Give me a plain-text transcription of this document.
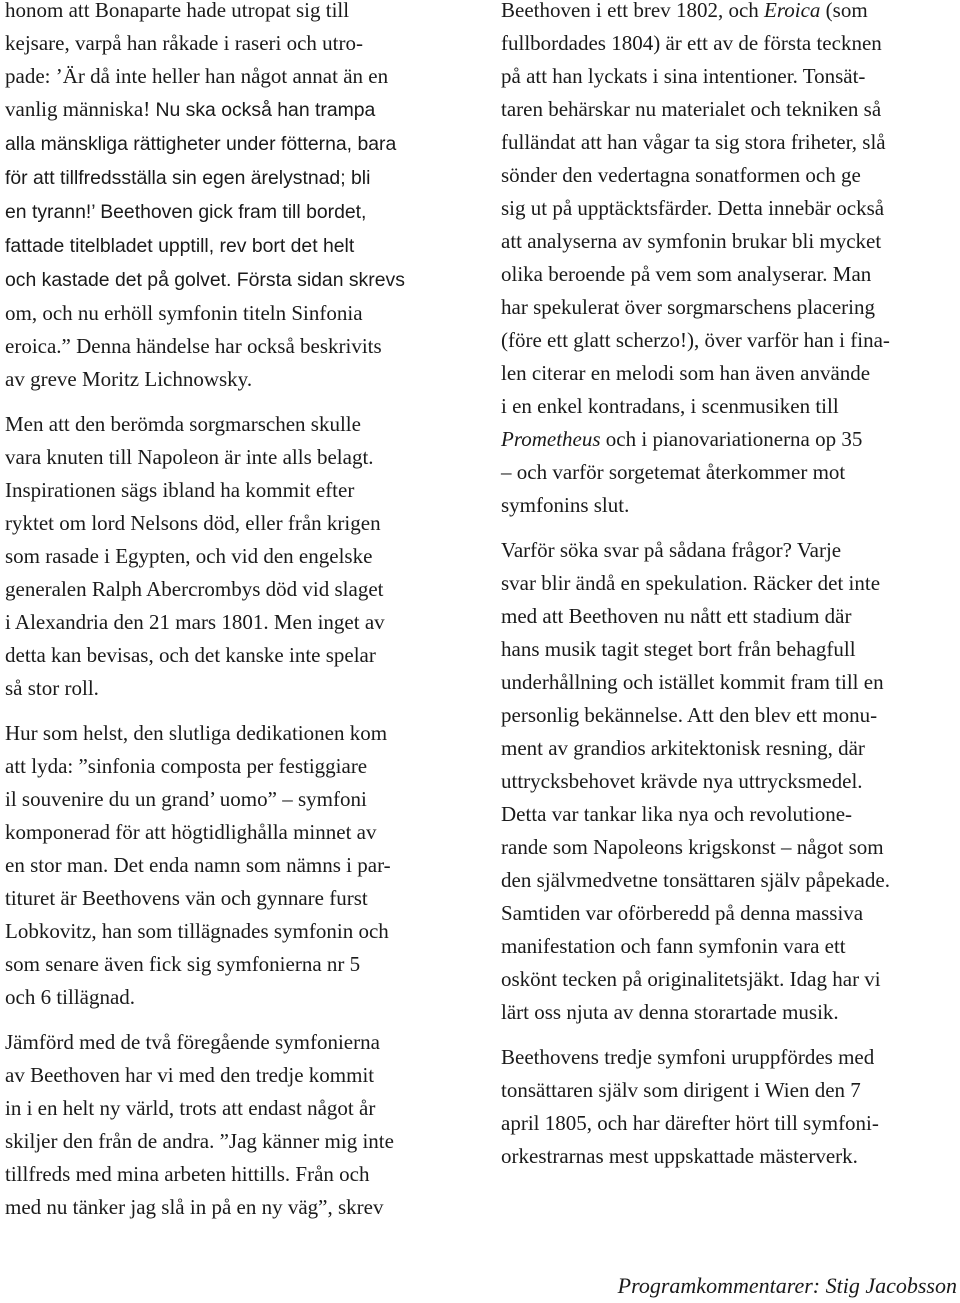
honom att Bonaparte hade utropat sig till
kejsare, varpå han råkade i raseri och utro-
pade: ’Är då inte heller han något annat än en
vanlig människa! Nu ska också han trampa
alla mänskliga rättigheter under fötterna, bara
för att tillfredsställa sin egen ärelystnad; bli
en tyrann!’ Beethoven gick fram till bordet,
fattade titelbladet upptill, rev bort det helt
och kastade det på golvet. Första sidan skrevs
om, och nu erhöll symfonin titeln Sinfonia
eroica.” Denna händelse har också beskrivits
av greve Moritz Lichnowsky.
Men att den berömda sorgmarschen skulle
vara knuten till Napoleon är inte alls belagt.
Inspirationen sägs ibland ha kommit efter
ryktet om lord Nelsons död, eller från krigen
som rasade i Egypten, och vid den engelske
generalen Ralph Abercrombys död vid slaget
i Alexandria den 21 mars 1801. Men inget av
detta kan bevisas, och det kanske inte spelar
så stor roll.
Hur som helst, den slutliga dedikationen kom
att lyda: ”sinfonia composta per festiggiare
il souvenire du un grand’ uomo” – symfoni
komponerad för att högtidlighålla minnet av
en stor man. Det enda namn som nämns i par-
tituret är Beethovens vän och gynnare furst
Lobkovitz, han som tillägnades symfonin och
som senare även fick sig symfonierna nr 5
och 6 tillägnad.
Jämförd med de två föregående symfonierna
av Beethoven har vi med den tredje kommit
in i en helt ny värld, trots att endast något år
skiljer den från de andra. ”Jag känner mig inte
tillfreds med mina arbeten hittills. Från och
med nu tänker jag slå in på en ny väg”, skrev
Beethoven i ett brev 1802, och Eroica (som
fullbordades 1804) är ett av de första tecknen
på att han lyckats i sina intentioner. Tonsät-
taren behärskar nu materialet och tekniken så
fulländat att han vågar ta sig stora friheter, slå
sönder den vedertagna sonatformen och ge
sig ut på upptäcktsfärder. Detta innebär också
att analyserna av symfonin brukar bli mycket
olika beroende på vem som analyserar. Man
har spekulerat över sorgmarschens placering
(före ett glatt scherzo!), över varför han i fina-
len citerar en melodi som han även använde
i en enkel kontradans, i scenmusiken till
Prometheus och i pianovariationerna op 35
– och varför sorgetemat återkommer mot
symfonins slut.
Varför söka svar på sådana frågor? Varje
svar blir ändå en spekulation. Räcker det inte
med att Beethoven nu nått ett stadium där
hans musik tagit steget bort från behagfull
underhållning och istället kommit fram till en
personlig bekännelse. Att den blev ett monu-
ment av grandios arkitektonisk resning, där
uttrycksbehovet krävde nya uttrycksmedel.
Detta var tankar lika nya och revolutione-
rande som Napoleons krigskonst – något som
den självmedvetne tonsättaren själv påpekade.
Samtiden var oförberedd på denna massiva
manifestation och fann symfonin vara ett
oskönt tecken på originalitetsjäkt. Idag har vi
lärt oss njuta av denna storartade musik.
Beethovens tredje symfoni uruppfördes med
tonsättaren själv som dirigent i Wien den 7
april 1805, och har därefter hört till symfoni-
orkestrarnas mest uppskattade mästerverk.
Programkommentarer: Stig Jacobsson
